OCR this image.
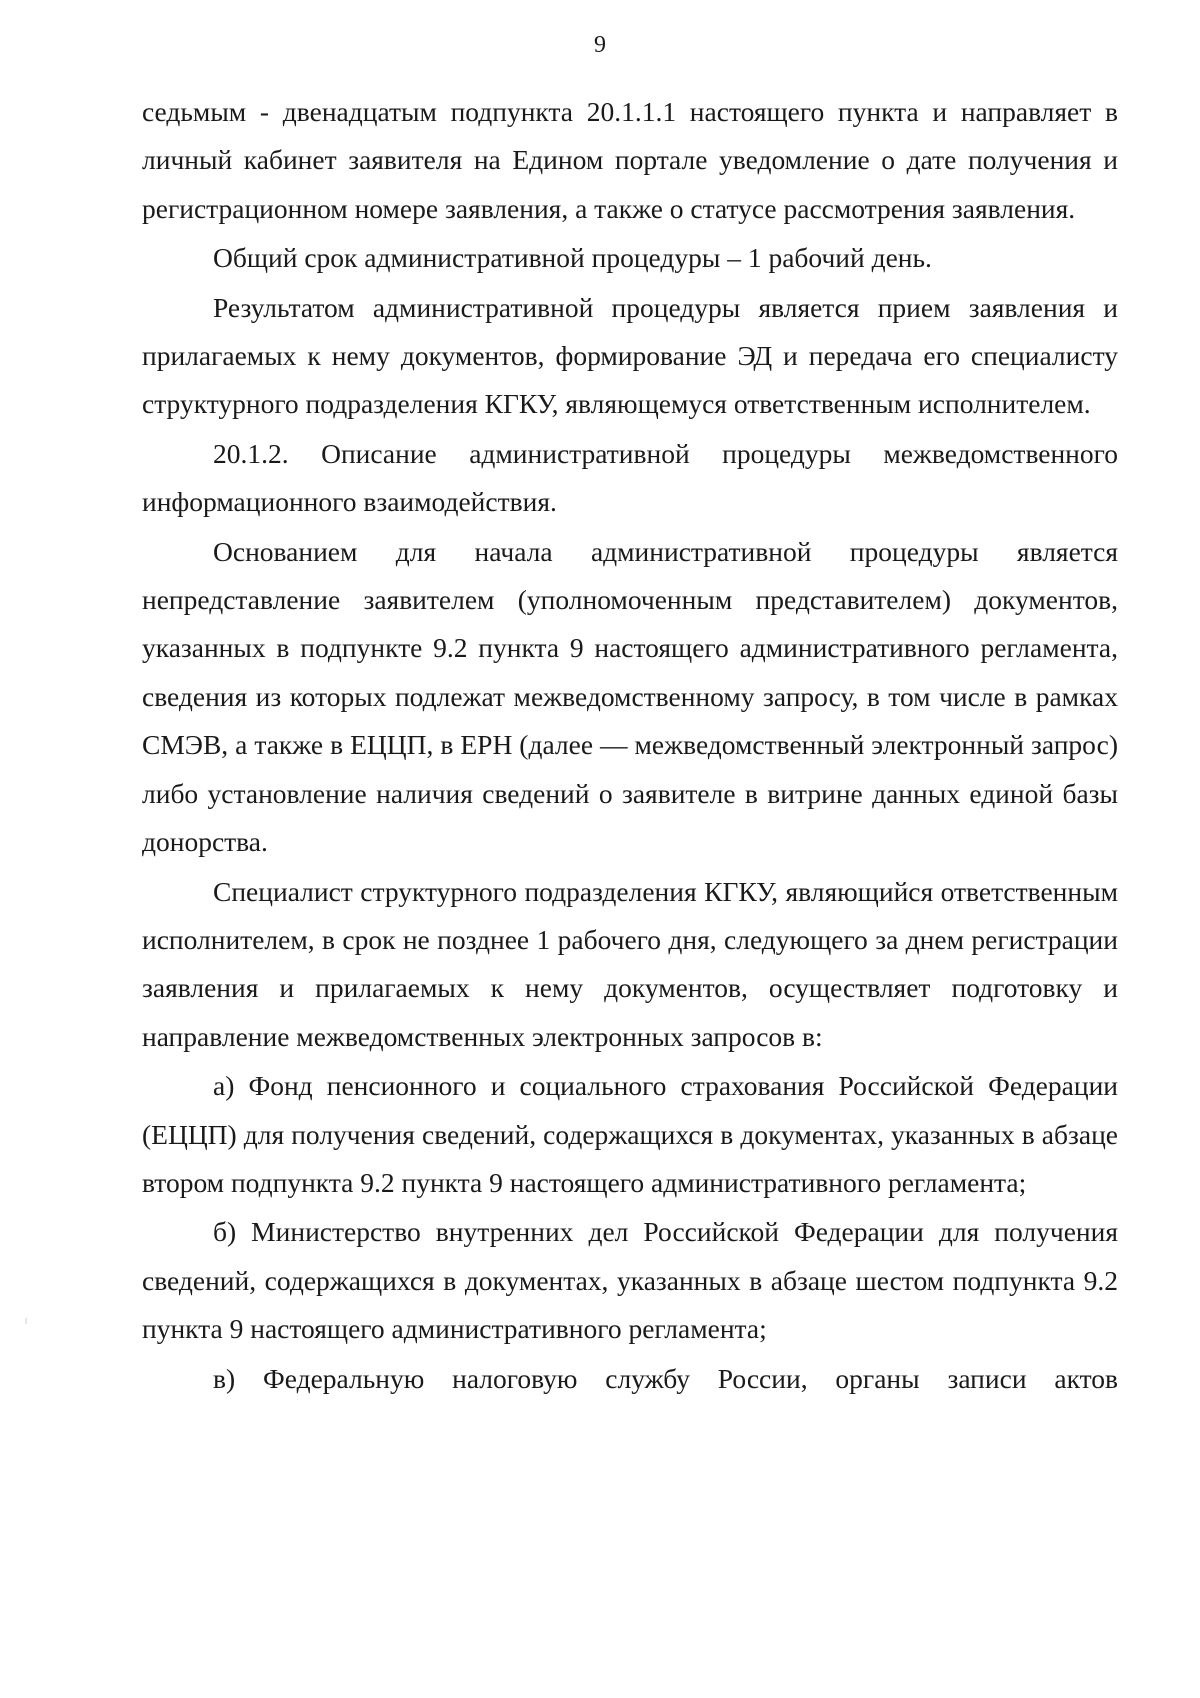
9

седьмым - двенадцатым подпункта 20.1.1.1 настоящего пункта и направляет в личный кабинет заявителя на Едином портале уведомление о дате получения и регистрационном номере заявления, а также о статусе рассмотрения заявления.

Общий срок административной процедуры – 1 рабочий день.

Результатом административной процедуры является прием заявления и прилагаемых к нему документов, формирование ЭД и передача его специалисту структурного подразделения КГКУ, являющемуся ответственным исполнителем.

20.1.2. Описание административной процедуры межведомственного информационного взаимодействия.

Основанием для начала административной процедуры является непредставление заявителем (уполномоченным представителем) документов, указанных в подпункте 9.2 пункта 9 настоящего административного регламента, сведения из которых подлежат межведомственному запросу, в том числе в рамках СМЭВ, а также в ЕЦЦП, в ЕРН (далее — межведомственный электронный запрос) либо установление наличия сведений о заявителе в витрине данных единой базы донорства.

Специалист структурного подразделения КГКУ, являющийся ответственным исполнителем, в срок не позднее 1 рабочего дня, следующего за днем регистрации заявления и прилагаемых к нему документов, осуществляет подготовку и направление межведомственных электронных запросов в:

а) Фонд пенсионного и социального страхования Российской Федерации (ЕЦЦП) для получения сведений, содержащихся в документах, указанных в абзаце втором подпункта 9.2 пункта 9 настоящего административного регламента;

б) Министерство внутренних дел Российской Федерации для получения сведений, содержащихся в документах, указанных в абзаце шестом подпункта 9.2 пункта 9 настоящего административного регламента;

в) Федеральную налоговую службу России, органы записи актов
